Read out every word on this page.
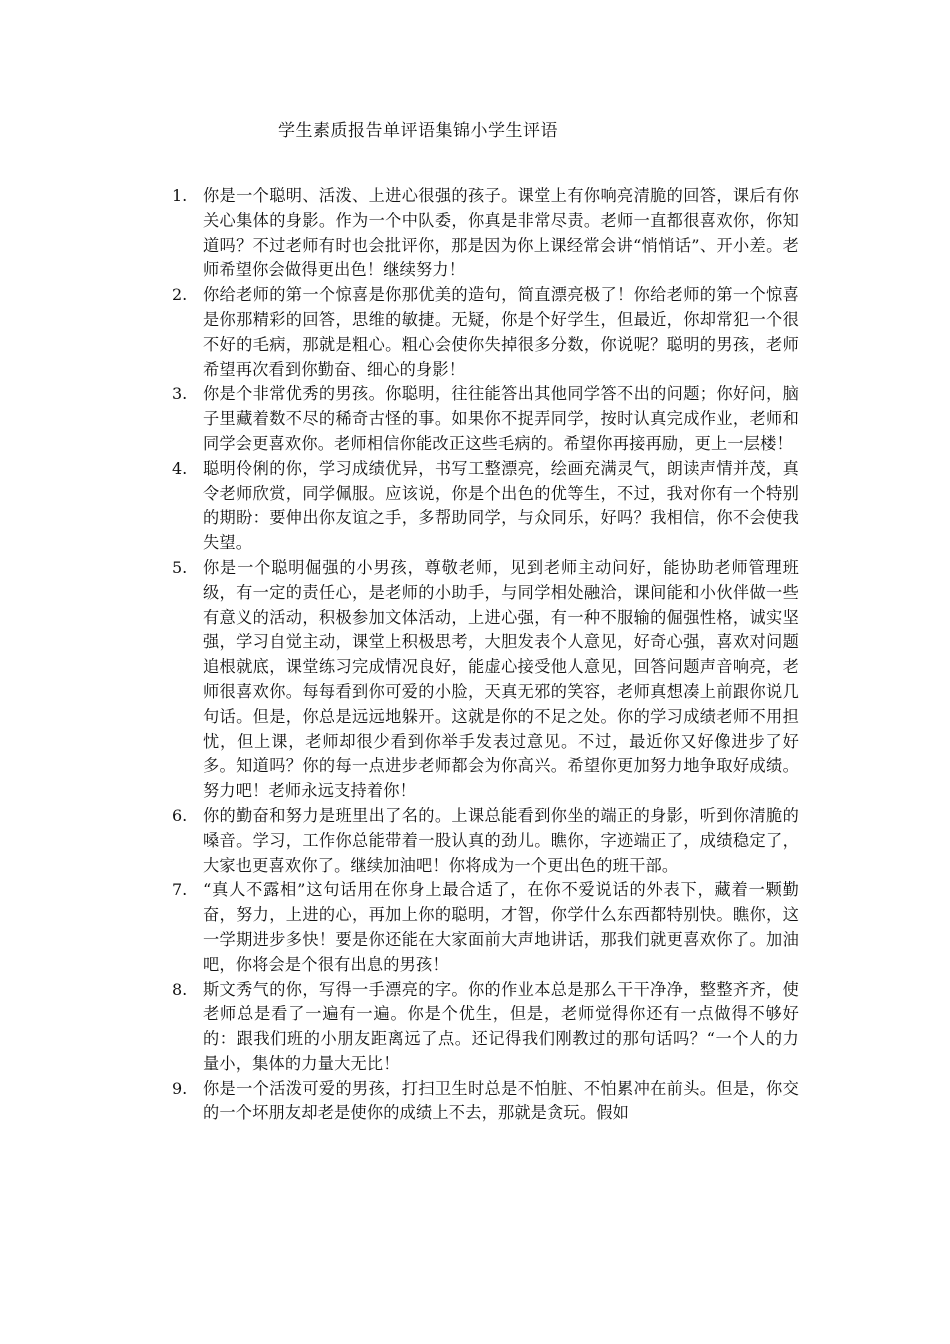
学生素质报告单评语集锦小学生评语
1. 你是一个聪明、活泼、上进心很强的孩子。课堂上有你响亮清脆的回答，课后有你关心集体的身影。作为一个中队委，你真是非常尽责。老师一直都很喜欢你，你知道吗？不过老师有时也会批评你，那是因为你上课经常会讲“悄悄话”、开小差。老师希望你会做得更出色！继续努力！
2. 你给老师的第一个惊喜是你那优美的造句，简直漂亮极了！你给老师的第一个惊喜是你那精彩的回答，思维的敏捷。无疑，你是个好学生，但最近，你却常犯一个很不好的毛病，那就是粗心。粗心会使你失掉很多分数，你说呢？聪明的男孩，老师希望再次看到你勤奋、细心的身影！
3. 你是个非常优秀的男孩。你聪明，往往能答出其他同学答不出的问题；你好问，脑子里藏着数不尽的稀奇古怪的事。如果你不捉弄同学，按时认真完成作业，老师和同学会更喜欢你。老师相信你能改正这些毛病的。希望你再接再励，更上一层楼！
4. 聪明伶俐的你，学习成绩优异，书写工整漂亮，绘画充满灵气，朗读声情并茂，真令老师欣赏，同学佩服。应该说，你是个出色的优等生，不过，我对你有一个特别的期盼：要伸出你友谊之手，多帮助同学，与众同乐，好吗？我相信，你不会使我失望。
5. 你是一个聪明倔强的小男孩，尊敬老师，见到老师主动问好，能协助老师管理班级，有一定的责任心，是老师的小助手，与同学相处融洽，课间能和小伙伴做一些有意义的活动，积极参加文体活动，上进心强，有一种不服输的倔强性格，诚实坚强，学习自觉主动，课堂上积极思考，大胆发表个人意见，好奇心强，喜欢对问题追根就底，课堂练习完成情况良好，能虚心接受他人意见，回答问题声音响亮，老师很喜欢你。每每看到你可爱的小脸，天真无邪的笑容，老师真想凑上前跟你说几句话。但是，你总是远远地躲开。这就是你的不足之处。你的学习成绩老师不用担忧，但上课，老师却很少看到你举手发表过意见。不过，最近你又好像进步了好多。知道吗？你的每一点进步老师都会为你高兴。希望你更加努力地争取好成绩。努力吧！老师永远支持着你！
6. 你的勤奋和努力是班里出了名的。上课总能看到你坐的端正的身影，听到你清脆的嗓音。学习，工作你总能带着一股认真的劲儿。瞧你，字迹端正了，成绩稳定了，大家也更喜欢你了。继续加油吧！你将成为一个更出色的班干部。
7. “真人不露相”这句话用在你身上最合适了，在你不爱说话的外表下，藏着一颗勤奋，努力，上进的心，再加上你的聪明，才智，你学什么东西都特别快。瞧你，这一学期进步多快！要是你还能在大家面前大声地讲话，那我们就更喜欢你了。加油吧，你将会是个很有出息的男孩！
8. 斯文秀气的你，写得一手漂亮的字。你的作业本总是那么干干净净，整整齐齐，使老师总是看了一遍有一遍。你是个优生，但是，老师觉得你还有一点做得不够好的：跟我们班的小朋友距离远了点。还记得我们刚教过的那句话吗？“一个人的力量小，集体的力量大无比！
9. 你是一个活泼可爱的男孩，打扫卫生时总是不怕脏、不怕累冲在前头。但是，你交的一个坏朋友却老是使你的成绩上不去，那就是贪玩。假如
